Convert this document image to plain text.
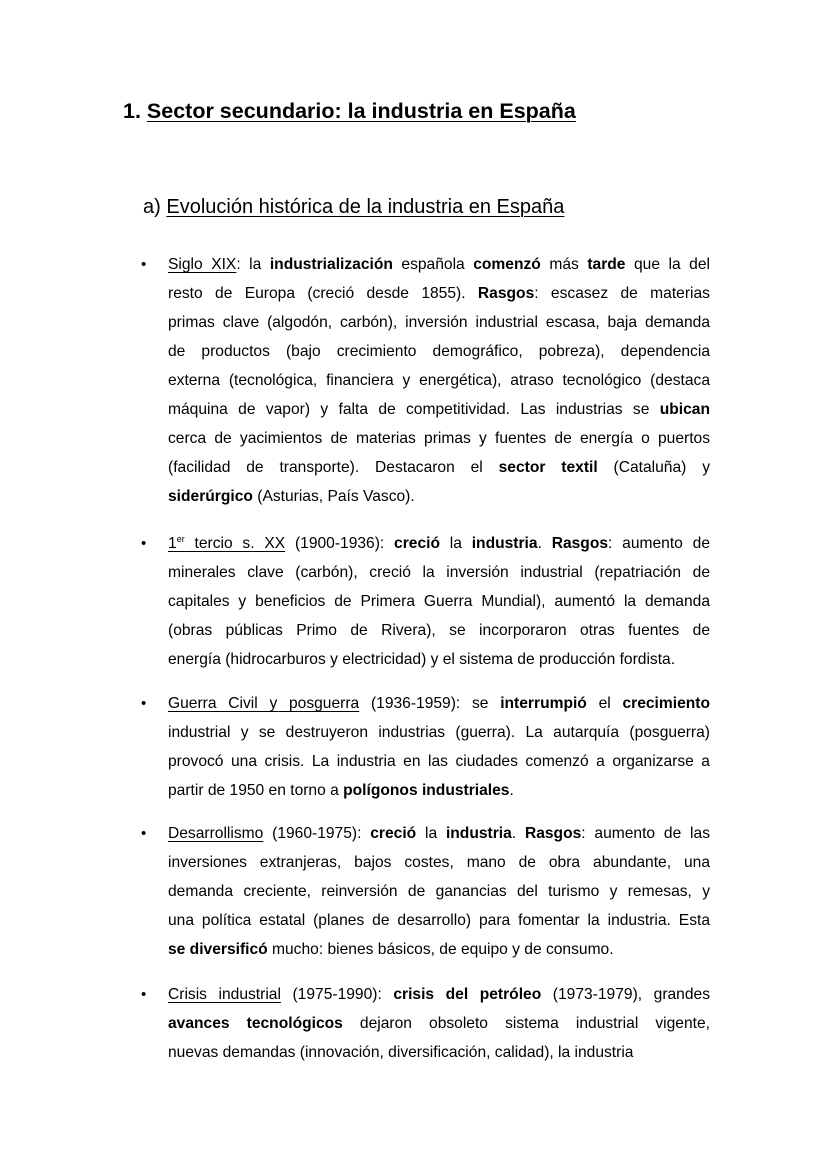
1. Sector secundario: la industria en España
a) Evolución histórica de la industria en España
• Siglo XIX: la industrialización española comenzó más tarde que la del
resto de Europa (creció desde 1855). Rasgos: escasez de materias
primas clave (algodón, carbón), inversión industrial escasa, baja demanda
de productos (bajo crecimiento demográfico, pobreza), dependencia
externa (tecnológica, financiera y energética), atraso tecnológico (destaca
máquina de vapor) y falta de competitividad. Las industrias se ubican
cerca de yacimientos de materias primas y fuentes de energía o puertos
(facilidad de transporte). Destacaron el sector textil (Cataluña) y
siderúrgico (Asturias, País Vasco).
• 1er tercio s. XX (1900-1936): creció la industria. Rasgos: aumento de
minerales clave (carbón), creció la inversión industrial (repatriación de
capitales y beneficios de Primera Guerra Mundial), aumentó la demanda
(obras públicas Primo de Rivera), se incorporaron otras fuentes de
energía (hidrocarburos y electricidad) y el sistema de producción fordista.
• Guerra Civil y posguerra (1936-1959): se interrumpió el crecimiento
industrial y se destruyeron industrias (guerra). La autarquía (posguerra)
provocó una crisis. La industria en las ciudades comenzó a organizarse a
partir de 1950 en torno a polígonos industriales.
• Desarrollismo (1960-1975): creció la industria. Rasgos: aumento de las
inversiones extranjeras, bajos costes, mano de obra abundante, una
demanda creciente, reinversión de ganancias del turismo y remesas, y
una política estatal (planes de desarrollo) para fomentar la industria. Esta
se diversificó mucho: bienes básicos, de equipo y de consumo.
• Crisis industrial (1975-1990): crisis del petróleo (1973-1979), grandes
avances tecnológicos dejaron obsoleto sistema industrial vigente,
nuevas demandas (innovación, diversificación, calidad), la industria
